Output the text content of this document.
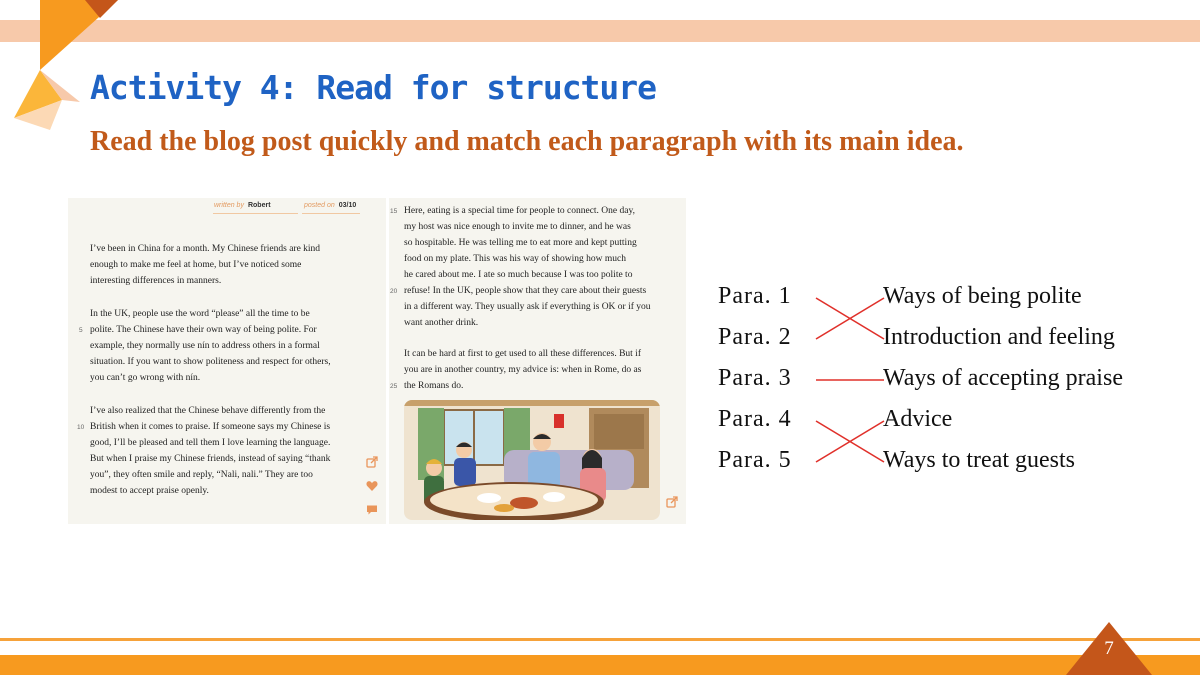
Activity 4: Read for structure
Read the blog post quickly and match each paragraph with its main idea.
written by Robert	posted on 03/10
I’ve been in China for a month. My Chinese friends are kind
enough to make me feel at home, but I’ve noticed some
interesting differences in manners.
In the UK, people use the word “please” all the time to be
polite. The Chinese have their own way of being polite. For
example, they normally use nín to address others in a formal
situation. If you want to show politeness and respect for others,
you can’t go wrong with nín.
I’ve also realized that the Chinese behave differently from the
British when it comes to praise. If someone says my Chinese is
good, I’ll be pleased and tell them I love learning the language.
But when I praise my Chinese friends, instead of saying “thank
you”, they often smile and reply, “Nali, nali.” They are too
modest to accept praise openly.
5
10
Here, eating is a special time for people to connect. One day,
my host was nice enough to invite me to dinner, and he was
so hospitable. He was telling me to eat more and kept putting
food on my plate. This was his way of showing how much
he cared about me. I ate so much because I was too polite to
refuse! In the UK, people show that they care about their guests
in a different way. They usually ask if everything is OK or if you
want another drink.
It can be hard at first to get used to all these differences. But if
you are in another country, my advice is: when in Rome, do as
the Romans do.
15
20
25
Para. 1
Para. 2
Para. 3
Para. 4
Para. 5
Ways of being polite
Introduction and feeling
Ways of accepting praise
Advice
Ways to treat guests
7
